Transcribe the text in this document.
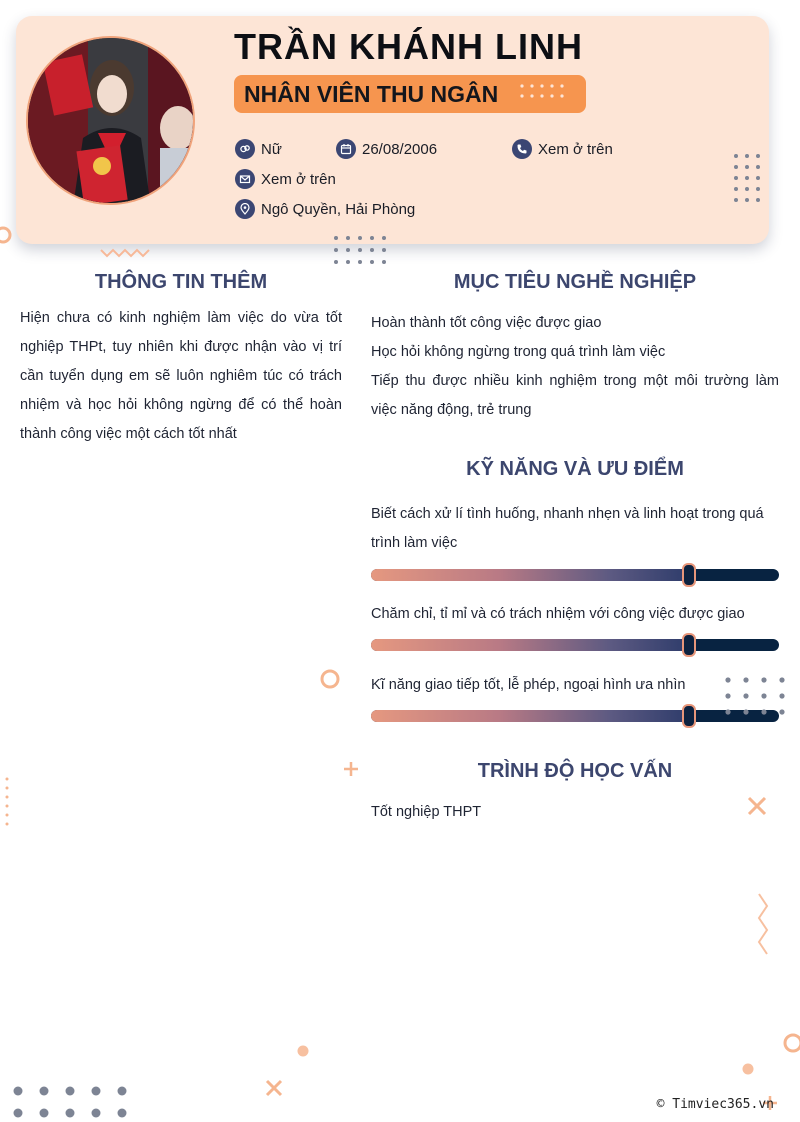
TRẦN KHÁNH LINH
NHÂN VIÊN THU NGÂN
Nữ	26/08/2006	Xem ở trên
Xem ở trên
Ngô Quyền, Hải Phòng
THÔNG TIN THÊM
Hiện chưa có kinh nghiệm làm việc do vừa tốt
nghiệp THPt, tuy nhiên khi được nhận vào vị trí
cần tuyển dụng em sẽ luôn nghiêm túc có trách
nhiệm và học hỏi không ngừng để có thể hoàn
thành công việc một cách tốt nhất
MỤC TIÊU NGHỀ NGHIỆP
Hoàn thành tốt công việc được giao
Học hỏi không ngừng trong quá trình làm việc
Tiếp thu được nhiều kinh nghiệm trong một môi trường làm
việc năng động, trẻ trung
KỸ NĂNG VÀ ƯU ĐIỂM
Biết cách xử lí tình huống, nhanh nhẹn và linh hoạt trong quá
trình làm việc
Chăm chỉ, tỉ mỉ và có trách nhiệm với công việc được giao
Kĩ năng giao tiếp tốt, lễ phép, ngoại hình ưa nhìn
TRÌNH ĐỘ HỌC VẤN
Tốt nghiệp THPT
© Timviec365.vn
